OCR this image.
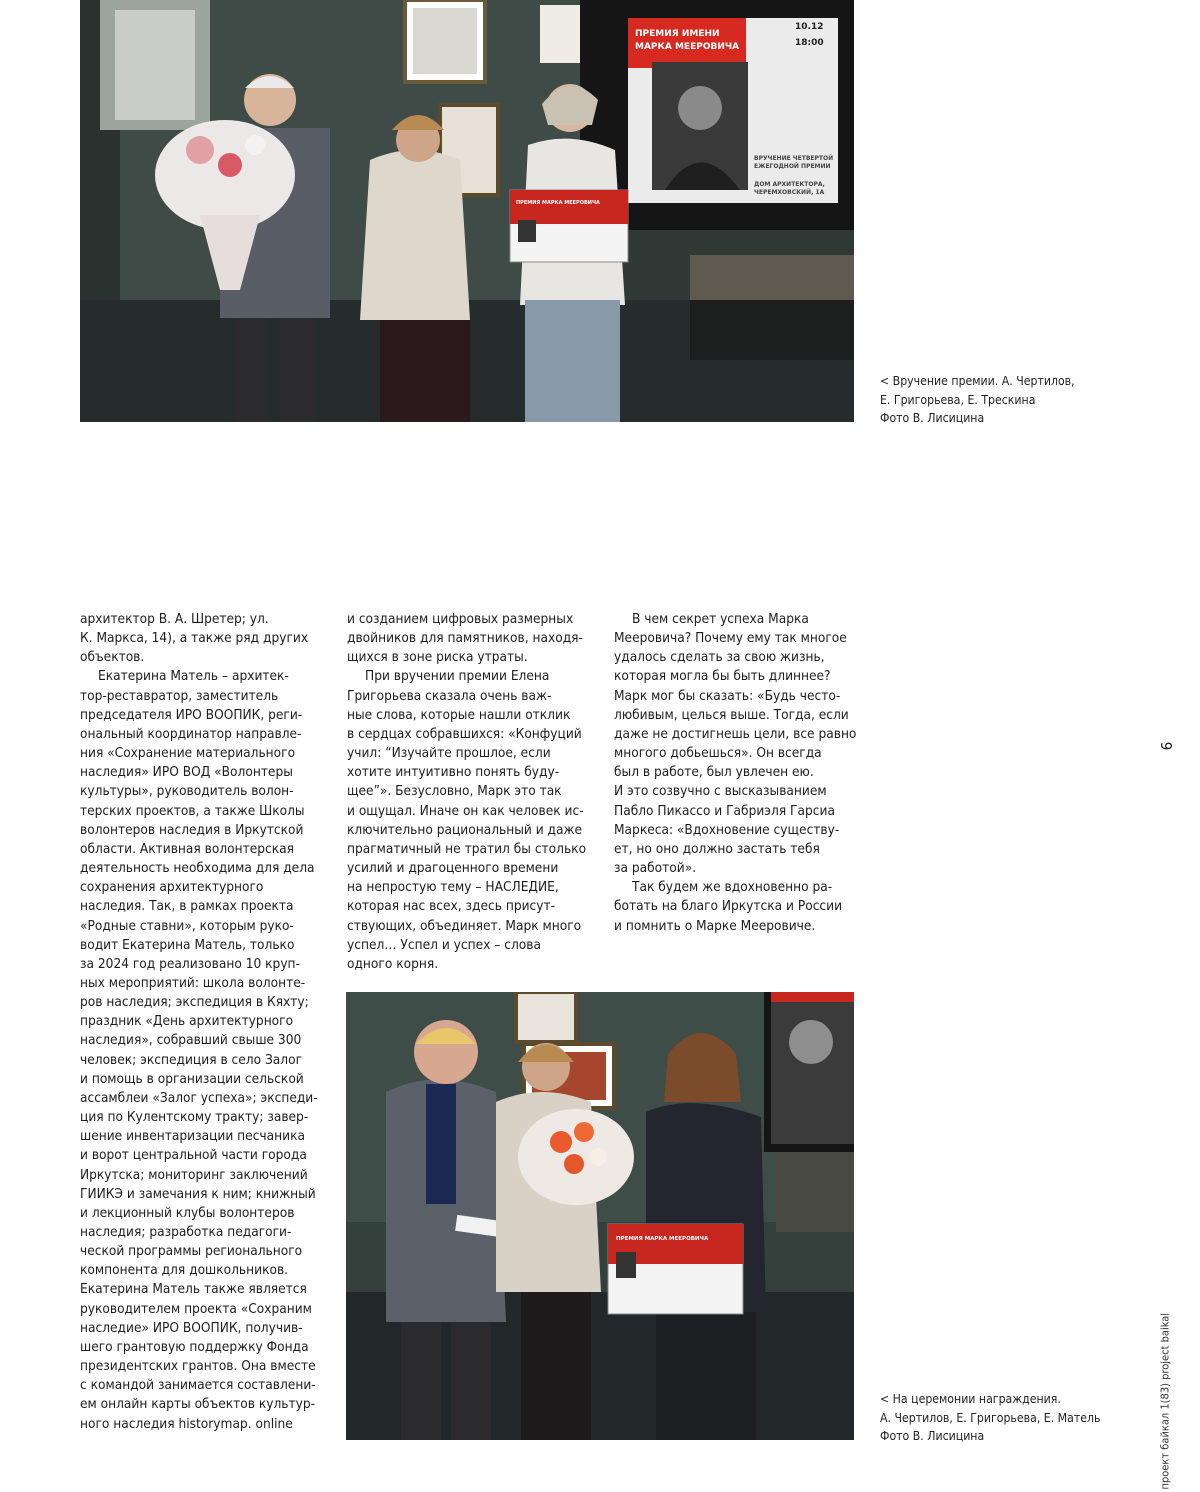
ПРЕМИЯ ИМЕНИ
МАРКА МЕЕРОВИЧА
10.12
18:00
ВРУЧЕНИЕ ЧЕТВЕРТОЙ
ЕЖЕГОДНОЙ ПРЕМИИ
ДОМ АРХИТЕКТОРА,
ЧЕРЕМХОВСКИЙ, 1А
ПРЕМИЯ МАРКА МЕЕРОВИЧА
< Вручение премии. А. Чертилов,
Е. Григорьева, Е. Трескина
Фото В. Лисицина
архитектор В. А. Шретер; ул.
К. Маркса, 14), а также ряд других
объектов.
Екатерина Матель – архитек-
тор-реставратор, заместитель
председателя ИРО ВООПИК, реги-
ональный координатор направле-
ния «Сохранение материального
наследия» ИРО ВОД «Волонтеры
культуры», руководитель волон-
терских проектов, а также Школы
волонтеров наследия в Иркутской
области. Активная волонтерская
деятельность необходима для дела
сохранения архитектурного
наследия. Так, в рамках проекта
«Родные ставни», которым руко-
водит Екатерина Матель, только
за 2024 год реализовано 10 круп-
ных мероприятий: школа волонте-
ров наследия; экспедиция в Кяхту;
праздник «День архитектурного
наследия», собравший свыше 300
человек; экспедиция в село Залог
и помощь в организации сельской
ассамблеи «Залог успеха»; экспеди-
ция по Кулентскому тракту; завер-
шение инвентаризации песчаника
и ворот центральной части города
Иркутска; мониторинг заключений
ГИИКЭ и замечания к ним; книжный
и лекционный клубы волонтеров
наследия; разработка педагоги-
ческой программы регионального
компонента для дошкольников.
Екатерина Матель также является
руководителем проекта «Сохраним
наследие» ИРО ВООПИК, получив-
шего грантовую поддержку Фонда
президентских грантов. Она вместе
с командой занимается составлени-
ем онлайн карты объектов культур-
ного наследия historymap. online
и созданием цифровых размерных
двойников для памятников, находя-
щихся в зоне риска утраты.
При вручении премии Елена
Григорьева сказала очень важ-
ные слова, которые нашли отклик
в сердцах собравшихся: «Конфуций
учил: “Изучайте прошлое, если
хотите интуитивно понять буду-
щее”». Безусловно, Марк это так
и ощущал. Иначе он как человек ис-
ключительно рациональный и даже
прагматичный не тратил бы столько
усилий и драгоценного времени
на непростую тему – НАСЛЕДИЕ,
которая нас всех, здесь присут-
ствующих, объединяет. Марк много
успел… Успел и успех – слова
одного корня.
В чем секрет успеха Марка
Мееровича? Почему ему так многое
удалось сделать за свою жизнь,
которая могла бы быть длиннее?
Марк мог бы сказать: «Будь често-
любивым, целься выше. Тогда, если
даже не достигнешь цели, все равно
многого добьешься». Он всегда
был в работе, был увлечен ею.
И это созвучно с высказыванием
Пабло Пикассо и Габриэля Гарсиа
Маркеса: «Вдохновение существу-
ет, но оно должно застать тебя
за работой».
Так будем же вдохновенно ра-
ботать на благо Иркутска и России
и помнить о Марке Мееровиче.
ПРЕМИЯ МАРКА МЕЕРОВИЧА
< На церемонии награждения.
А. Чертилов, Е. Григорьева, Е. Матель
Фото В. Лисицина
9
проект байкал 1(83) project baikal
